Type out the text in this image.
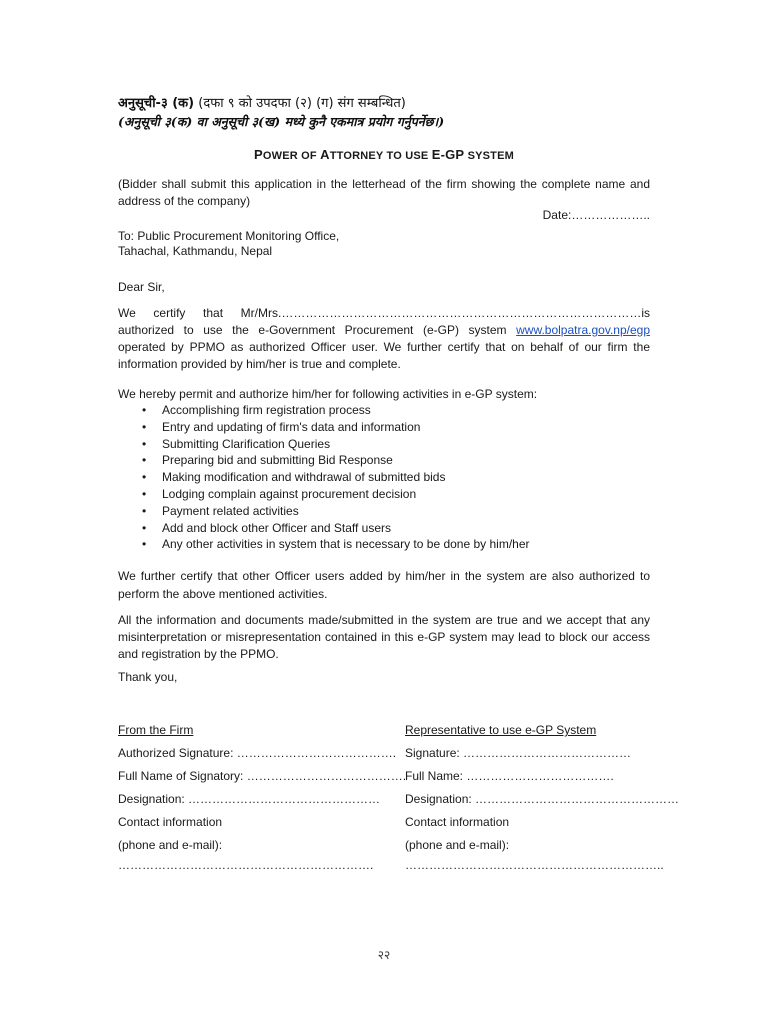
अनुसूची-३ (क) (दफा ९ को उपदफा (२) (ग) संग सम्बन्धित)
(अनुसूची ३(क) वा अनुसूची ३(ख) मध्ये कुनै एकमात्र प्रयोग गर्नुपर्नेछ।)
POWER OF ATTORNEY TO USE E-GP SYSTEM
(Bidder shall submit this application in the letterhead of the firm showing the complete name and address of the company)
Date:………………..
To: Public Procurement Monitoring Office,
Tahachal, Kathmandu, Nepal
Dear Sir,
We certify that Mr/Mrs.………………………………………………………………………………is authorized to use the e-Government Procurement (e-GP) system www.bolpatra.gov.np/egp operated by PPMO as authorized Officer user. We further certify that on behalf of our firm the information provided by him/her is true and complete.
We hereby permit and authorize him/her for following activities in e-GP system:
• Accomplishing firm registration process
• Entry and updating of firm's data and information
• Submitting Clarification Queries
• Preparing bid and submitting Bid Response
• Making modification and withdrawal of submitted bids
• Lodging complain against procurement decision
• Payment related activities
• Add and block other Officer and Staff users
• Any other activities in system that is necessary to be done by him/her
We further certify that other Officer users added by him/her in the system are also authorized to perform the above mentioned activities.
All the information and documents made/submitted in the system are true and we accept that any misinterpretation or misrepresentation contained in this e-GP system may lead to block our access and registration by the PPMO.
Thank you,
From the Firm
Authorized Signature: ………………………………….
Full Name of Signatory: ………………………………….
Designation: …………………………………………
Contact information
(phone and e-mail):
……………………………………………………….
Representative to use e-GP System
Signature: ……………………………………
Full Name: ……………………………….
Designation: ……………………………………………
Contact information
(phone and e-mail):
………………………………………………………..
२२
